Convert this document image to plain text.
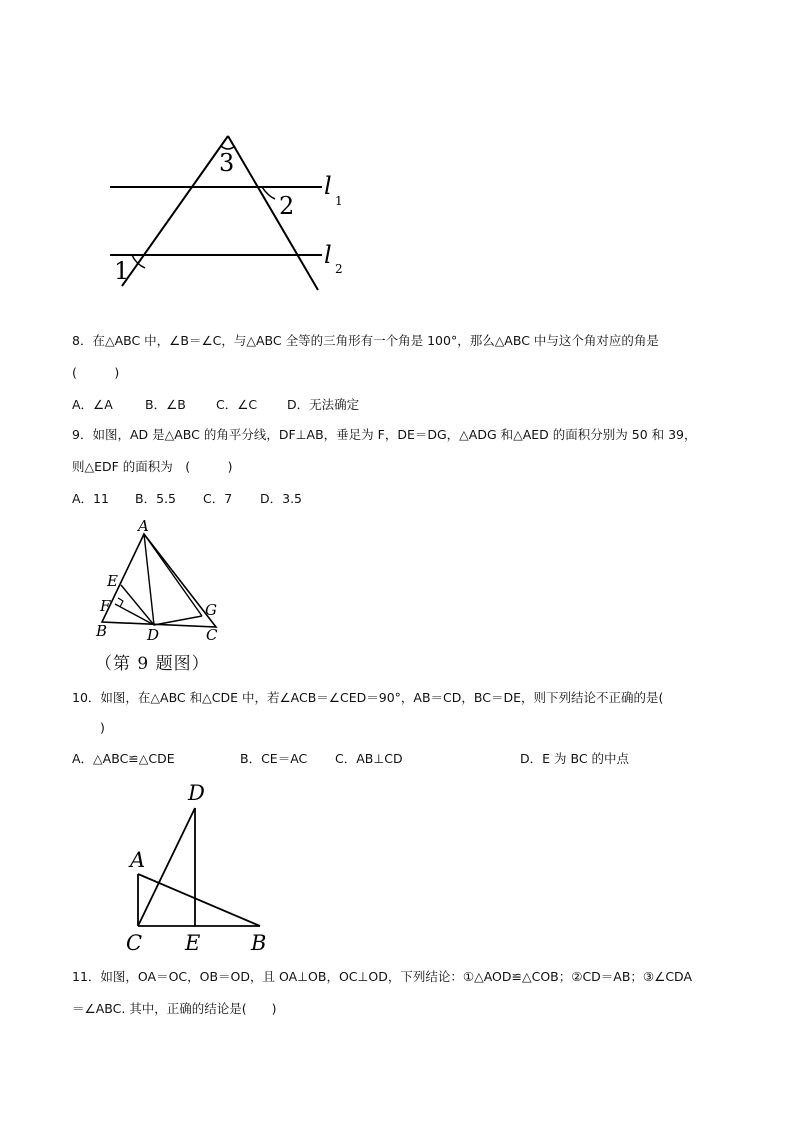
3
2
1
l
1
l 2
8．在△ABC 中，∠B＝∠C，与△ABC 全等的三角形有一个角是 100°，那么△ABC 中与这个角对应的角是
(　　　)
A．∠A	B．∠B C．∠C D．无法确定
9．如图，AD 是△ABC 的角平分线，DF⊥AB，垂足为 F，DE＝DG，△ADG 和△AED 的面积分别为 50 和 39，
则△EDF 的面积为　(　　　)
A．11 B．5.5 C．7 D．3.5
A
E
F	G
B	D	C
（第 9 题图）
10．如图，在△ABC 和△CDE 中，若∠ACB＝∠CED＝90°，AB＝CD，BC＝DE，则下列结论不正确的是(
)
A．△ABC≌△CDE	B．CE＝AC C．AB⊥CD	D．E 为 BC 的中点
D
A
C E B
11．如图，OA＝OC，OB＝OD，且 OA⊥OB，OC⊥OD，下列结论：①△AOD≌△COB；②CD＝AB；③∠CDA
＝∠ABC. 其中，正确的结论是(　　)
